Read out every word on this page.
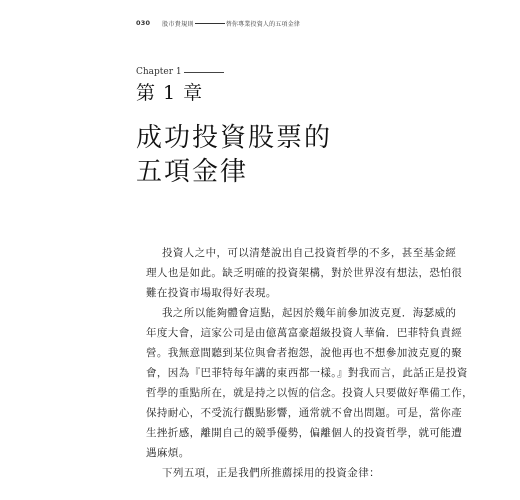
030 股市貴規則	替你專業投資人的五項金律
Chapter 1
第 1 章
成功投資股票的
五項金律
投資人之中，可以清楚說出自己投資哲學的不多，甚至基金經
理人也是如此。缺乏明確的投資架構，對於世界沒有想法，恐怕很
難在投資市場取得好表現。
我之所以能夠體會這點，起因於幾年前參加波克夏．海瑟威的
年度大會，這家公司是由億萬富豪超級投資人華倫．巴菲特負責經
營。我無意間聽到某位與會者抱怨，說他再也不想參加波克夏的聚
會，因為『巴菲特每年講的東西都一樣。』對我而言，此話正是投資
哲學的重點所在，就是持之以恆的信念。投資人只要做好準備工作，
保持耐心，不受流行觀點影響，通常就不會出問題。可是，當你產
生挫折感，離開自己的競爭優勢，偏離個人的投資哲學，就可能遭
遇麻煩。
下列五項，正是我們所推薦採用的投資金律：
